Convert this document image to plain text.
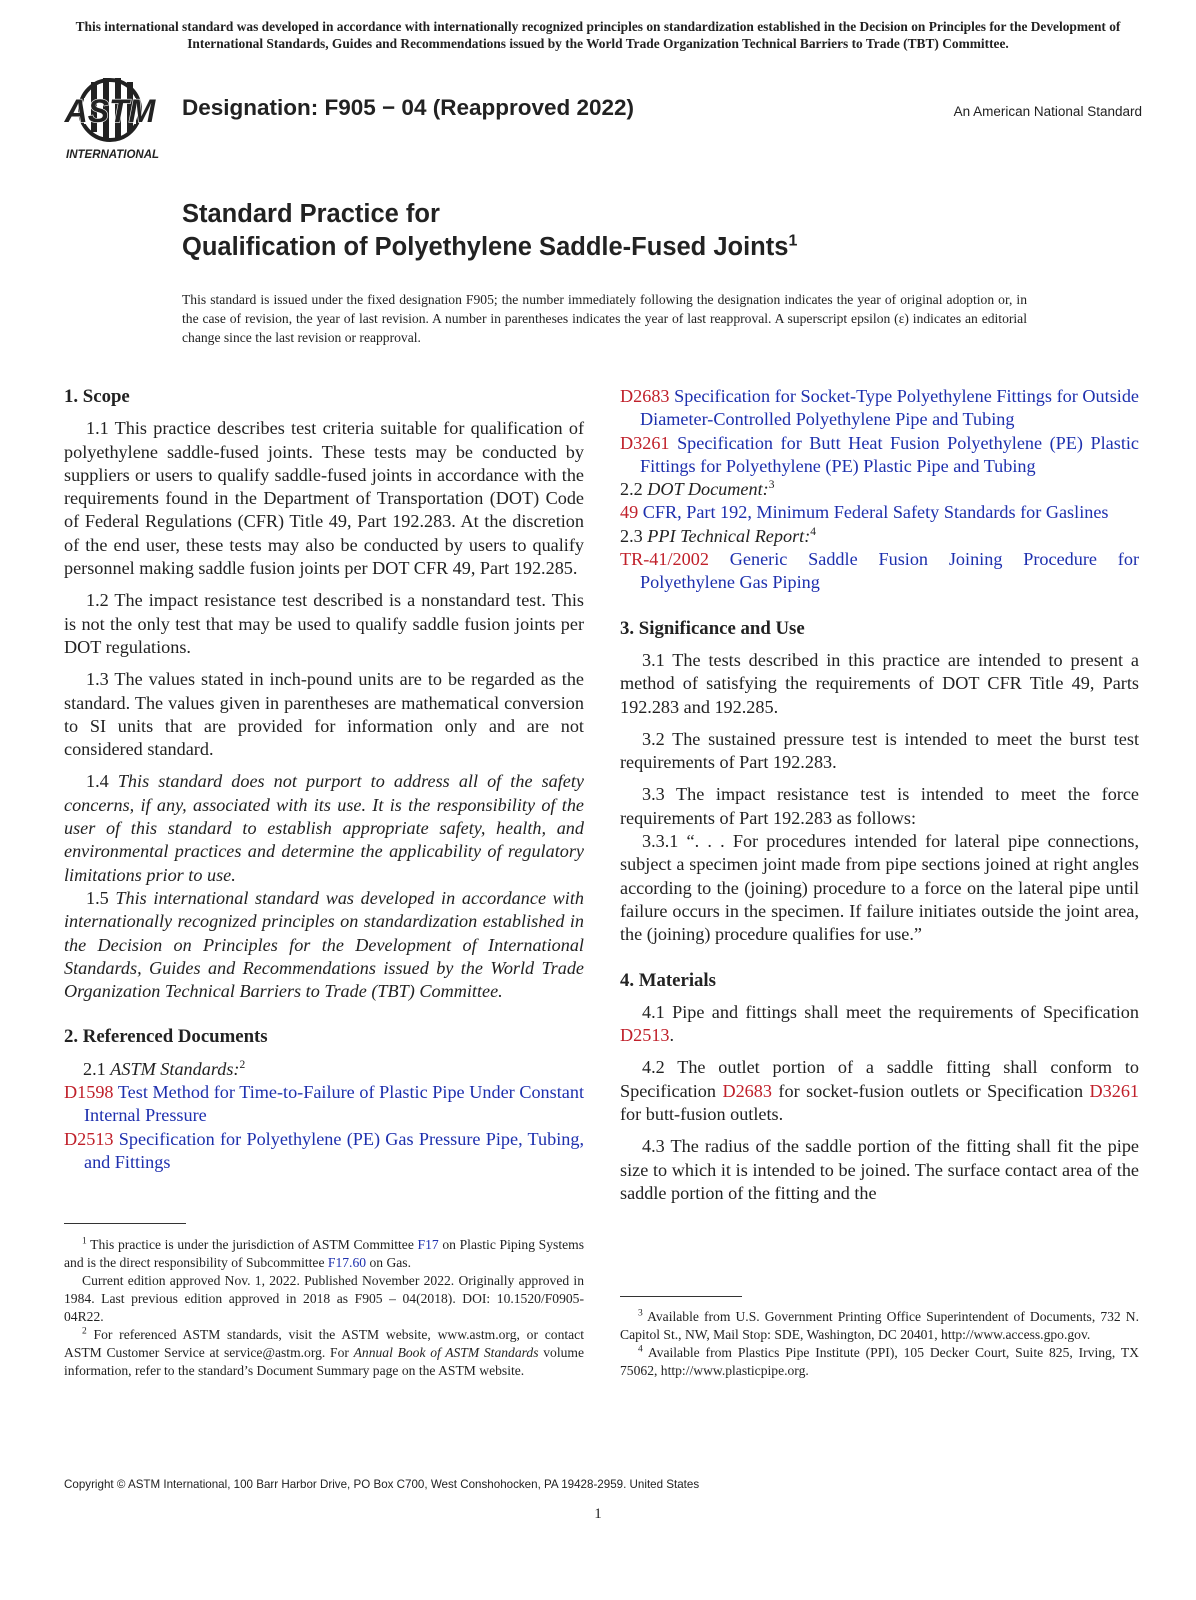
This international standard was developed in accordance with internationally recognized principles on standardization established in the Decision on Principles for the Development of International Standards, Guides and Recommendations issued by the World Trade Organization Technical Barriers to Trade (TBT) Committee.
ASTM
INTERNATIONAL
Designation: F905 − 04 (Reapproved 2022)	An American National Standard
Standard Practice for
Qualification of Polyethylene Saddle-Fused Joints$^1$
This standard is issued under the fixed designation F905; the number immediately following the designation indicates the year of original adoption or, in the case of revision, the year of last revision. A number in parentheses indicates the year of last reapproval. A superscript epsilon (ε) indicates an editorial change since the last revision or reapproval.
1. Scope

1.1 This practice describes test criteria suitable for qualification of polyethylene saddle-fused joints. These tests may be conducted by suppliers or users to qualify saddle-fused joints in accordance with the requirements found in the Department of Transportation (DOT) Code of Federal Regulations (CFR) Title 49, Part 192.283. At the discretion of the end user, these tests may also be conducted by users to qualify personnel making saddle fusion joints per DOT CFR 49, Part 192.285.

1.2 The impact resistance test described is a nonstandard test. This is not the only test that may be used to qualify saddle fusion joints per DOT regulations.

1.3 The values stated in inch-pound units are to be regarded as the standard. The values given in parentheses are mathematical conversion to SI units that are provided for information only and are not considered standard.

1.4 This standard does not purport to address all of the safety concerns, if any, associated with its use. It is the responsibility of the user of this standard to establish appropriate safety, health, and environmental practices and determine the applicability of regulatory limitations prior to use.

1.5 This international standard was developed in accordance with internationally recognized principles on standardization established in the Decision on Principles for the Development of International Standards, Guides and Recommendations issued by the World Trade Organization Technical Barriers to Trade (TBT) Committee.

2. Referenced Documents

2.1 ASTM Standards:$^2$

D1598 Test Method for Time-to-Failure of Plastic Pipe Under Constant Internal Pressure

D2513 Specification for Polyethylene (PE) Gas Pressure Pipe, Tubing, and Fittings

D2683 Specification for Socket-Type Polyethylene Fittings for Outside Diameter-Controlled Polyethylene Pipe and Tubing

D3261 Specification for Butt Heat Fusion Polyethylene (PE) Plastic Fittings for Polyethylene (PE) Plastic Pipe and Tubing

2.2 DOT Document:$^3$

49 CFR, Part 192, Minimum Federal Safety Standards for Gaslines

2.3 PPI Technical Report:$^4$

TR-41/2002 Generic Saddle Fusion Joining Procedure for Polyethylene Gas Piping

3. Significance and Use

3.1 The tests described in this practice are intended to present a method of satisfying the requirements of DOT CFR Title 49, Parts 192.283 and 192.285.

3.2 The sustained pressure test is intended to meet the burst test requirements of Part 192.283.

3.3 The impact resistance test is intended to meet the force requirements of Part 192.283 as follows:

3.3.1 “. . . For procedures intended for lateral pipe connections, subject a specimen joint made from pipe sections joined at right angles according to the (joining) procedure to a force on the lateral pipe until failure occurs in the specimen. If failure initiates outside the joint area, the (joining) procedure qualifies for use.”

4. Materials

4.1 Pipe and fittings shall meet the requirements of Specification D2513.

4.2 The outlet portion of a saddle fitting shall conform to Specification D2683 for socket-fusion outlets or Specification D3261 for butt-fusion outlets.

4.3 The radius of the saddle portion of the fitting shall fit the pipe size to which it is intended to be joined. The surface contact area of the saddle portion of the fitting and the

$^1$ This practice is under the jurisdiction of ASTM Committee F17 on Plastic Piping Systems and is the direct responsibility of Subcommittee F17.60 on Gas.

Current edition approved Nov. 1, 2022. Published November 2022. Originally approved in 1984. Last previous edition approved in 2018 as F905 – 04(2018). DOI: 10.1520/F0905-04R22.

$^2$ For referenced ASTM standards, visit the ASTM website, www.astm.org, or contact ASTM Customer Service at service@astm.org. For Annual Book of ASTM Standards volume information, refer to the standard’s Document Summary page on the ASTM website.

$^3$ Available from U.S. Government Printing Office Superintendent of Documents, 732 N. Capitol St., NW, Mail Stop: SDE, Washington, DC 20401, http://www.access.gpo.gov.

$^4$ Available from Plastics Pipe Institute (PPI), 105 Decker Court, Suite 825, Irving, TX 75062, http://www.plasticpipe.org.

Copyright © ASTM International, 100 Barr Harbor Drive, PO Box C700, West Conshohocken, PA 19428-2959. United States
1
